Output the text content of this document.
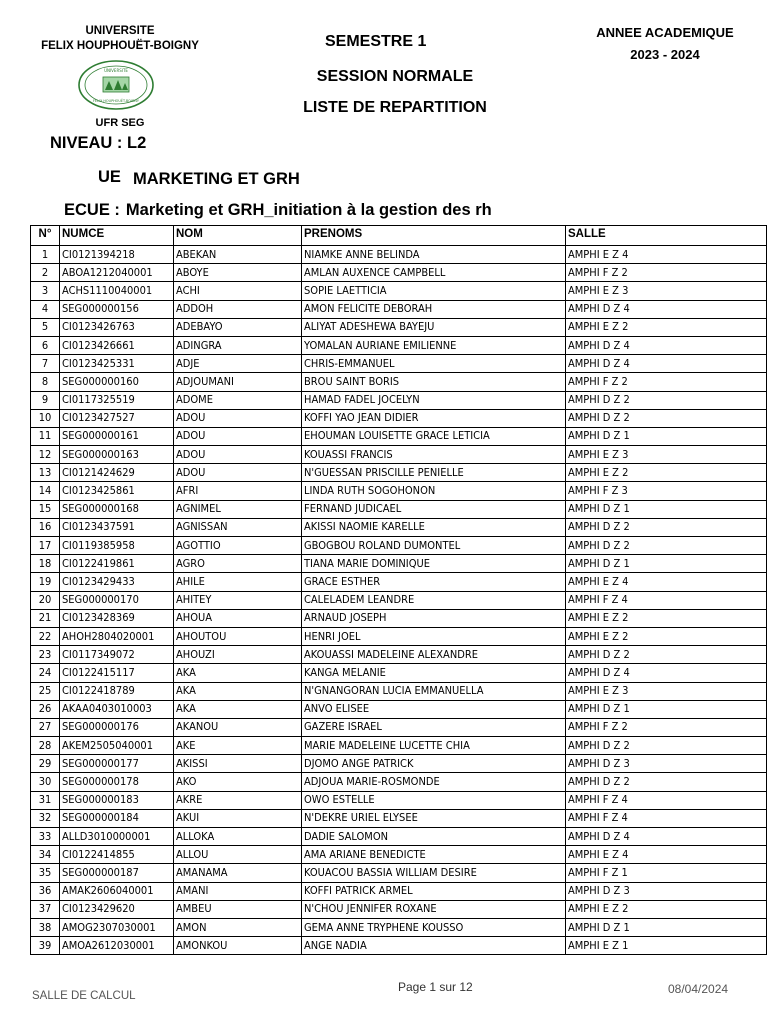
UNIVERSITE
FELIX HOUPHOUËT-BOIGNY
UNIVERSITE
FELIX HOUPHOUËT-BOIGNY
UFR SEG
NIVEAU : L2
SEMESTRE 1
SESSION NORMALE
LISTE DE REPARTITION
ANNEE ACADEMIQUE
2023 - 2024
UE MARKETING ET GRH
ECUE : Marketing et GRH_initiation à la gestion des rh
N°	NUMCE	NOM	PRENOMS	SALLE
1	CI0121394218	ABEKAN	NIAMKE ANNE BELINDA	AMPHI E Z 4
2	ABOA1212040001	ABOYE	AMLAN AUXENCE CAMPBELL	AMPHI F Z 2
3	ACHS1110040001	ACHI	SOPIE LAETTICIA	AMPHI E Z 3
4	SEG000000156	ADDOH	AMON FELICITE DEBORAH	AMPHI D Z 4
5	CI0123426763	ADEBAYO	ALIYAT ADESHEWA BAYEJU	AMPHI E Z 2
6	CI0123426661	ADINGRA	YOMALAN AURIANE EMILIENNE	AMPHI D Z 4
7	CI0123425331	ADJE	CHRIS-EMMANUEL	AMPHI D Z 4
8	SEG000000160	ADJOUMANI	BROU SAINT BORIS	AMPHI F Z 2
9	CI0117325519	ADOME	HAMAD FADEL JOCELYN	AMPHI D Z 2
10	CI0123427527	ADOU	KOFFI YAO JEAN DIDIER	AMPHI D Z 2
11	SEG000000161	ADOU	EHOUMAN LOUISETTE GRACE LETICIA	AMPHI D Z 1
12	SEG000000163	ADOU	KOUASSI FRANCIS	AMPHI E Z 3
13	CI0121424629	ADOU	N'GUESSAN PRISCILLE PENIELLE	AMPHI E Z 2
14	CI0123425861	AFRI	LINDA RUTH SOGOHONON	AMPHI F Z 3
15	SEG000000168	AGNIMEL	FERNAND JUDICAEL	AMPHI D Z 1
16	CI0123437591	AGNISSAN	AKISSI NAOMIE KARELLE	AMPHI D Z 2
17	CI0119385958	AGOTTIO	GBOGBOU ROLAND DUMONTEL	AMPHI D Z 2
18	CI0122419861	AGRO	TIANA MARIE DOMINIQUE	AMPHI D Z 1
19	CI0123429433	AHILE	GRACE ESTHER	AMPHI E Z 4
20	SEG000000170	AHITEY	CALELADEM LEANDRE	AMPHI F Z 4
21	CI0123428369	AHOUA	ARNAUD JOSEPH	AMPHI E Z 2
22	AHOH2804020001	AHOUTOU	HENRI JOEL	AMPHI E Z 2
23	CI0117349072	AHOUZI	AKOUASSI MADELEINE ALEXANDRE	AMPHI D Z 2
24	CI0122415117	AKA	KANGA MELANIE	AMPHI D Z 4
25	CI0122418789	AKA	N'GNANGORAN LUCIA EMMANUELLA	AMPHI E Z 3
26	AKAA0403010003	AKA	ANVO ELISEE	AMPHI D Z 1
27	SEG000000176	AKANOU	GAZERE ISRAEL	AMPHI F Z 2
28	AKEM2505040001	AKE	MARIE MADELEINE LUCETTE CHIA	AMPHI D Z 2
29	SEG000000177	AKISSI	DJOMO ANGE PATRICK	AMPHI D Z 3
30	SEG000000178	AKO	ADJOUA MARIE-ROSMONDE	AMPHI D Z 2
31	SEG000000183	AKRE	OWO ESTELLE	AMPHI F Z 4
32	SEG000000184	AKUI	N'DEKRE URIEL ELYSEE	AMPHI F Z 4
33	ALLD3010000001	ALLOKA	DADIE SALOMON	AMPHI D Z 4
34	CI0122414855	ALLOU	AMA ARIANE BENEDICTE	AMPHI E Z 4
35	SEG000000187	AMANAMA	KOUACOU BASSIA WILLIAM DESIRE	AMPHI F Z 1
36	AMAK2606040001	AMANI	KOFFI PATRICK ARMEL	AMPHI D Z 3
37	CI0123429620	AMBEU	N'CHOU JENNIFER ROXANE	AMPHI E Z 2
38	AMOG2307030001	AMON	GEMA ANNE TRYPHENE KOUSSO	AMPHI D Z 1
39	AMOA2612030001	AMONKOU	ANGE NADIA	AMPHI E Z 1
SALLE DE CALCUL
Page 1 sur 12	08/04/2024
